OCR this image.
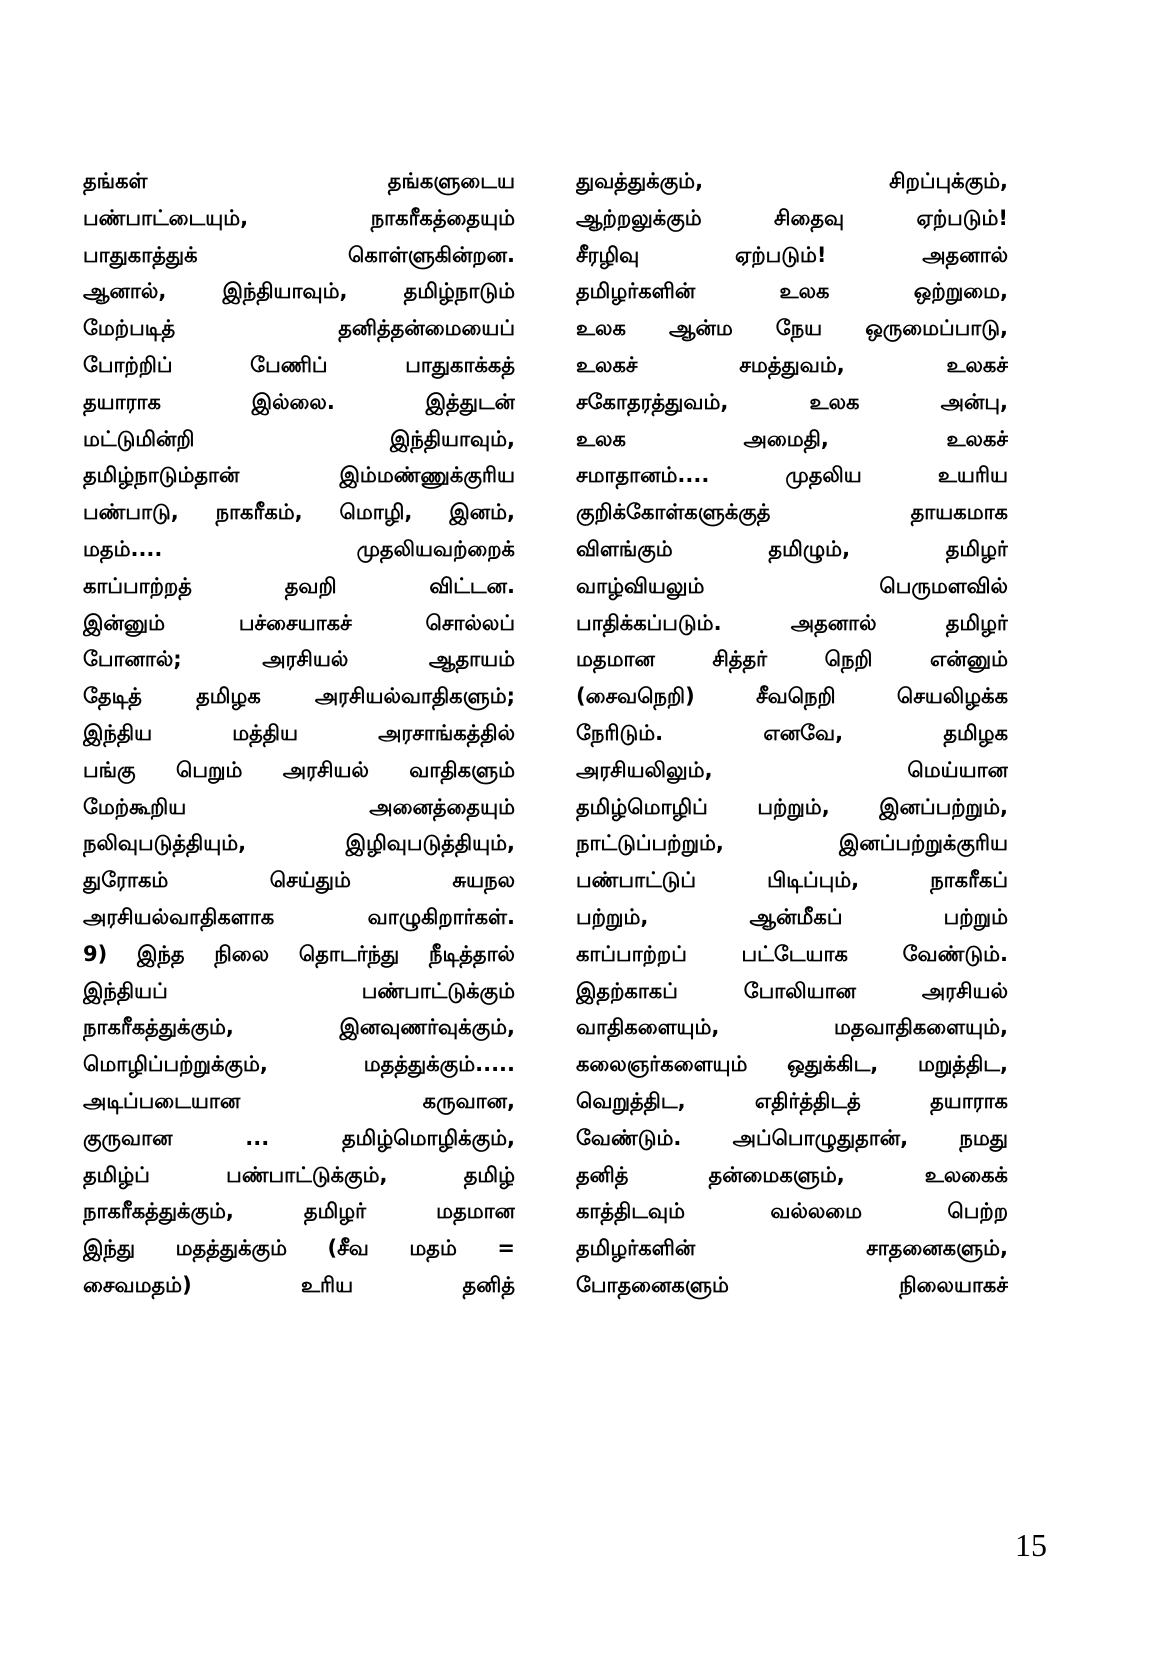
தங்கள் தங்களுடைய
பண்பாட்டையும், நாகரீகத்தையும்
பாதுகாத்துக் கொள்ளுகின்றன.
ஆனால், இந்தியாவும், தமிழ்நாடும்
மேற்படித் தனித்தன்மையைப்
போற்றிப் பேணிப் பாதுகாக்கத்
தயாராக இல்லை. இத்துடன்
மட்டுமின்றி இந்தியாவும்,
தமிழ்நாடும்தான் இம்மண்ணுக்குரிய
பண்பாடு, நாகரீகம், மொழி, இனம்,
மதம்.... முதலியவற்றைக்
காப்பாற்றத் தவறி விட்டன.
இன்னும் பச்சையாகச் சொல்லப்
போனால்; அரசியல் ஆதாயம்
தேடித் தமிழக அரசியல்வாதிகளும்;
இந்திய மத்திய அரசாங்கத்தில்
பங்கு பெறும் அரசியல் வாதிகளும்
மேற்கூறிய அனைத்தையும்
நலிவுபடுத்தியும், இழிவுபடுத்தியும்,
துரோகம் செய்தும் சுயநல
அரசியல்வாதிகளாக வாழுகிறார்கள்.
9) இந்த நிலை தொடர்ந்து நீடித்தால்
இந்தியப் பண்பாட்டுக்கும்
நாகரீகத்துக்கும், இனவுணர்வுக்கும்,
மொழிப்பற்றுக்கும், மதத்துக்கும்.....
அடிப்படையான கருவான,
குருவான ... தமிழ்மொழிக்கும்,
தமிழ்ப் பண்பாட்டுக்கும், தமிழ்
நாகரீகத்துக்கும், தமிழர் மதமான
இந்து மதத்துக்கும் (சீவ மதம் =
சைவமதம்) உரிய தனித்
துவத்துக்கும், சிறப்புக்கும்,
ஆற்றலுக்கும் சிதைவு ஏற்படும்!
சீரழிவு ஏற்படும்! அதனால்
தமிழர்களின் உலக ஒற்றுமை,
உலக ஆன்ம நேய ஒருமைப்பாடு,
உலகச் சமத்துவம், உலகச்
சகோதரத்துவம், உலக அன்பு,
உலக அமைதி, உலகச்
சமாதானம்.... முதலிய உயரிய
குறிக்கோள்களுக்குத் தாயகமாக
விளங்கும் தமிழும், தமிழர்
வாழ்வியலும் பெருமளவில்
பாதிக்கப்படும். அதனால் தமிழர்
மதமான சித்தர் நெறி என்னும்
(சைவநெறி) சீவநெறி செயலிழக்க
நேரிடும். எனவே, தமிழக
அரசியலிலும், மெய்யான
தமிழ்மொழிப் பற்றும், இனப்பற்றும்,
நாட்டுப்பற்றும், இனப்பற்றுக்குரிய
பண்பாட்டுப் பிடிப்பும், நாகரீகப்
பற்றும், ஆன்மீகப் பற்றும்
காப்பாற்றப் பட்டேயாக வேண்டும்.
இதற்காகப் போலியான அரசியல்
வாதிகளையும், மதவாதிகளையும்,
கலைஞர்களையும் ஒதுக்கிட, மறுத்திட,
வெறுத்திட, எதிர்த்திடத் தயாராக
வேண்டும். அப்பொழுதுதான், நமது
தனித் தன்மைகளும், உலகைக்
காத்திடவும் வல்லமை பெற்ற
தமிழர்களின் சாதனைகளும்,
போதனைகளும் நிலையாகச்
15
